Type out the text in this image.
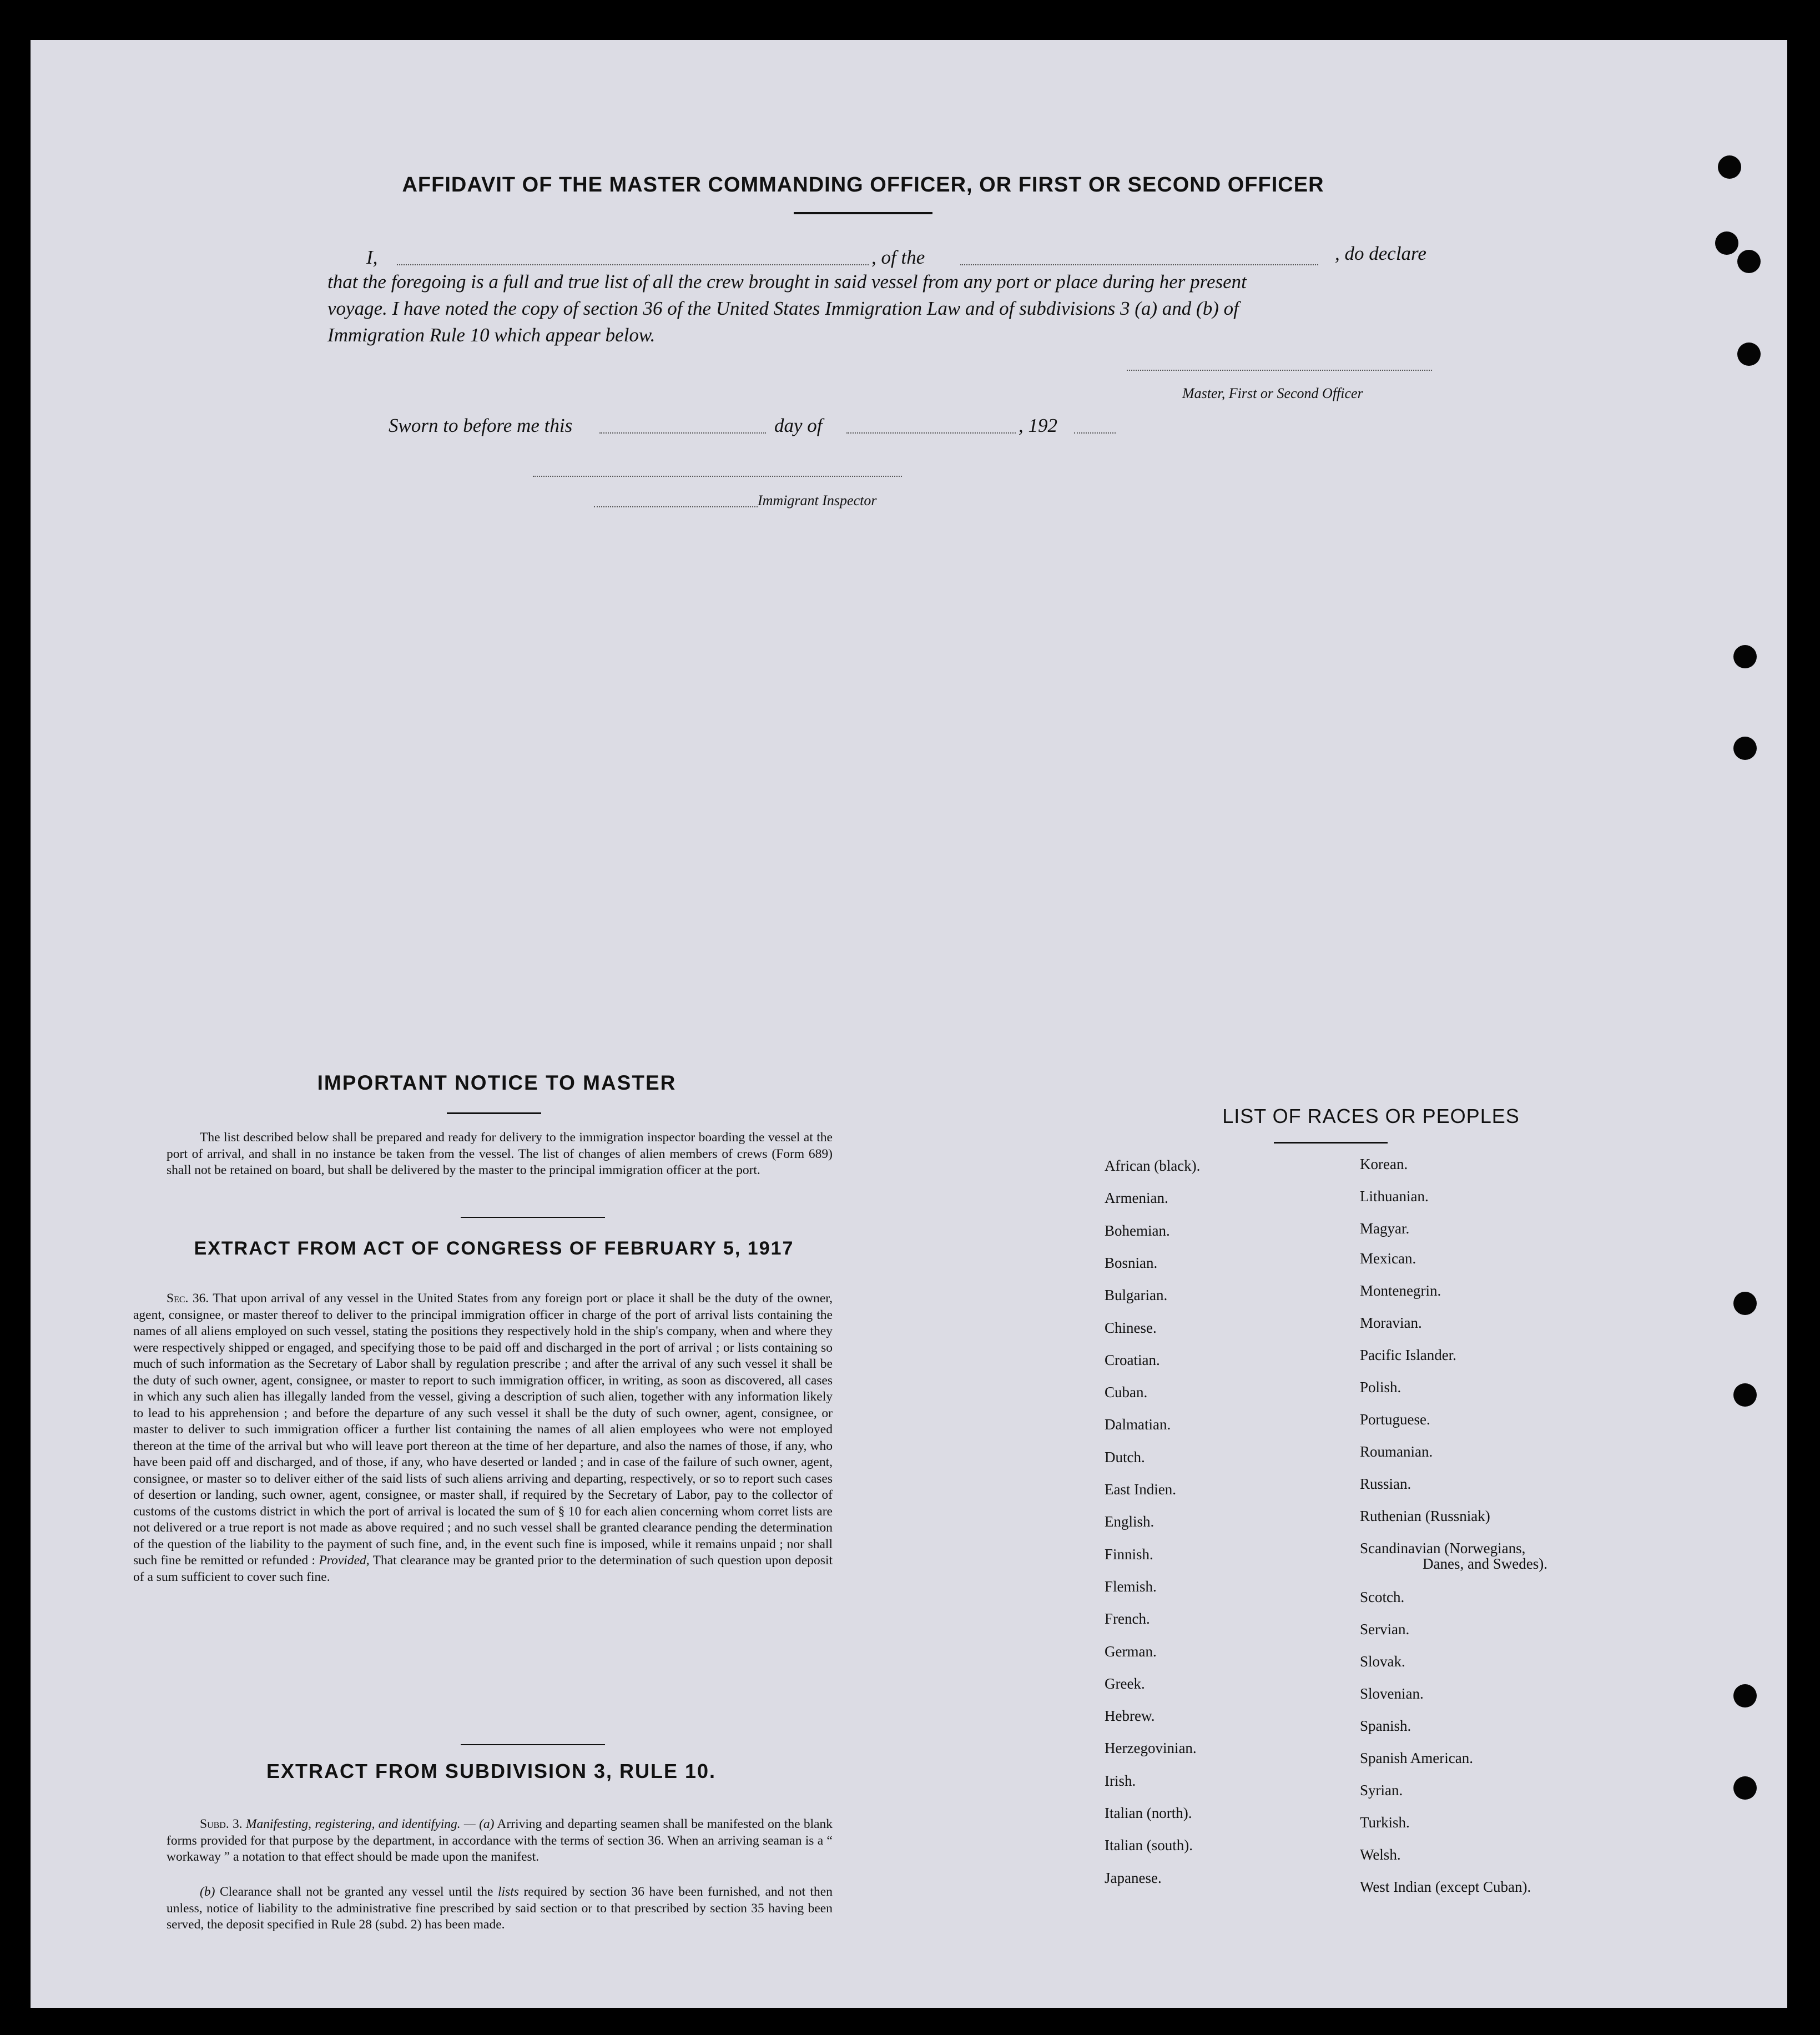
AFFIDAVIT OF THE MASTER COMMANDING OFFICER, OR FIRST OR SECOND OFFICER
I,	, of the	, do declare
that the foregoing is a full and true list of all the crew brought in said vessel from any port or place during her present
voyage. I have noted the copy of section 36 of the United States Immigration Law and of subdivisions 3 (a) and (b) of
Immigration Rule 10 which appear below.
Master, First or Second Officer
Sworn to before me this	day of	, 192
Immigrant Inspector
IMPORTANT NOTICE TO MASTER

The list described below shall be prepared and ready for delivery to the immigration inspector boarding the vessel at the port of arrival, and shall in no instance be taken from the vessel. The list of changes of alien members of crews (Form 689) shall not be retained on board, but shall be delivered by the master to the principal immigration officer at the port.

EXTRACT FROM ACT OF CONGRESS OF FEBRUARY 5, 1917

Sec. 36. That upon arrival of any vessel in the United States from any foreign port or place it shall be the duty of the owner, agent, consignee, or master thereof to deliver to the principal immigration officer in charge of the port of arrival lists containing the names of all aliens employed on such vessel, stating the positions they respectively hold in the ship's company, when and where they were respectively shipped or engaged, and specifying those to be paid off and discharged in the port of arrival ; or lists containing so much of such information as the Secretary of Labor shall by regulation prescribe ; and after the arrival of any such vessel it shall be the duty of such owner, agent, consignee, or master to report to such immigration officer, in writing, as soon as discovered, all cases in which any such alien has illegally landed from the vessel, giving a description of such alien, together with any information likely to lead to his apprehension ; and before the departure of any such vessel it shall be the duty of such owner, agent, consignee, or master to deliver to such immigration officer a further list containing the names of all alien employees who were not employed thereon at the time of the arrival but who will leave port thereon at the time of her departure, and also the names of those, if any, who have been paid off and discharged, and of those, if any, who have deserted or landed ; and in case of the failure of such owner, agent, consignee, or master so to deliver either of the said lists of such aliens arriving and departing, respectively, or so to report such cases of desertion or landing, such owner, agent, consignee, or master shall, if required by the Secretary of Labor, pay to the collector of customs of the customs district in which the port of arrival is located the sum of § 10 for each alien concerning whom corret lists are not delivered or a true report is not made as above required ; and no such vessel shall be granted clearance pending the determination of the question of the liability to the payment of such fine, and, in the event such fine is imposed, while it remains unpaid ; nor shall such fine be remitted or refunded : Provided, That clearance may be granted prior to the determination of such question upon deposit of a sum sufficient to cover such fine.

EXTRACT FROM SUBDIVISION 3, RULE 10.

Subd. 3. Manifesting, registering, and identifying. — (a) Arriving and departing seamen shall be manifested on the blank forms provided for that purpose by the department, in accordance with the terms of section 36. When an arriving seaman is a “ workaway ” a notation to that effect should be made upon the manifest.

(b) Clearance shall not be granted any vessel until the lists required by section 36 have been furnished, and not then unless, notice of liability to the administrative fine prescribed by said section or to that prescribed by section 35 having been served, the deposit specified in Rule 28 (subd. 2) has been made.

LIST OF RACES OR PEOPLES
African (black).
Armenian.
Bohemian.
Bosnian.
Bulgarian.
Chinese.
Croatian.
Cuban.
Dalmatian.
Dutch.
East Indien.
English.
Finnish.
Flemish.
French.
German.
Greek.
Hebrew.
Herzegovinian.
Irish.
Italian (north).
Italian (south).
Japanese.
Korean.
Lithuanian.
Magyar.
Mexican.
Montenegrin.
Moravian.
Pacific Islander.
Polish.
Portuguese.
Roumanian.
Russian.
Ruthenian (Russniak)
Scandinavian (Norwegians,
Danes, and Swedes).
Scotch.
Servian.
Slovak.
Slovenian.
Spanish.
Spanish American.
Syrian.
Turkish.
Welsh.
West Indian (except Cuban).
